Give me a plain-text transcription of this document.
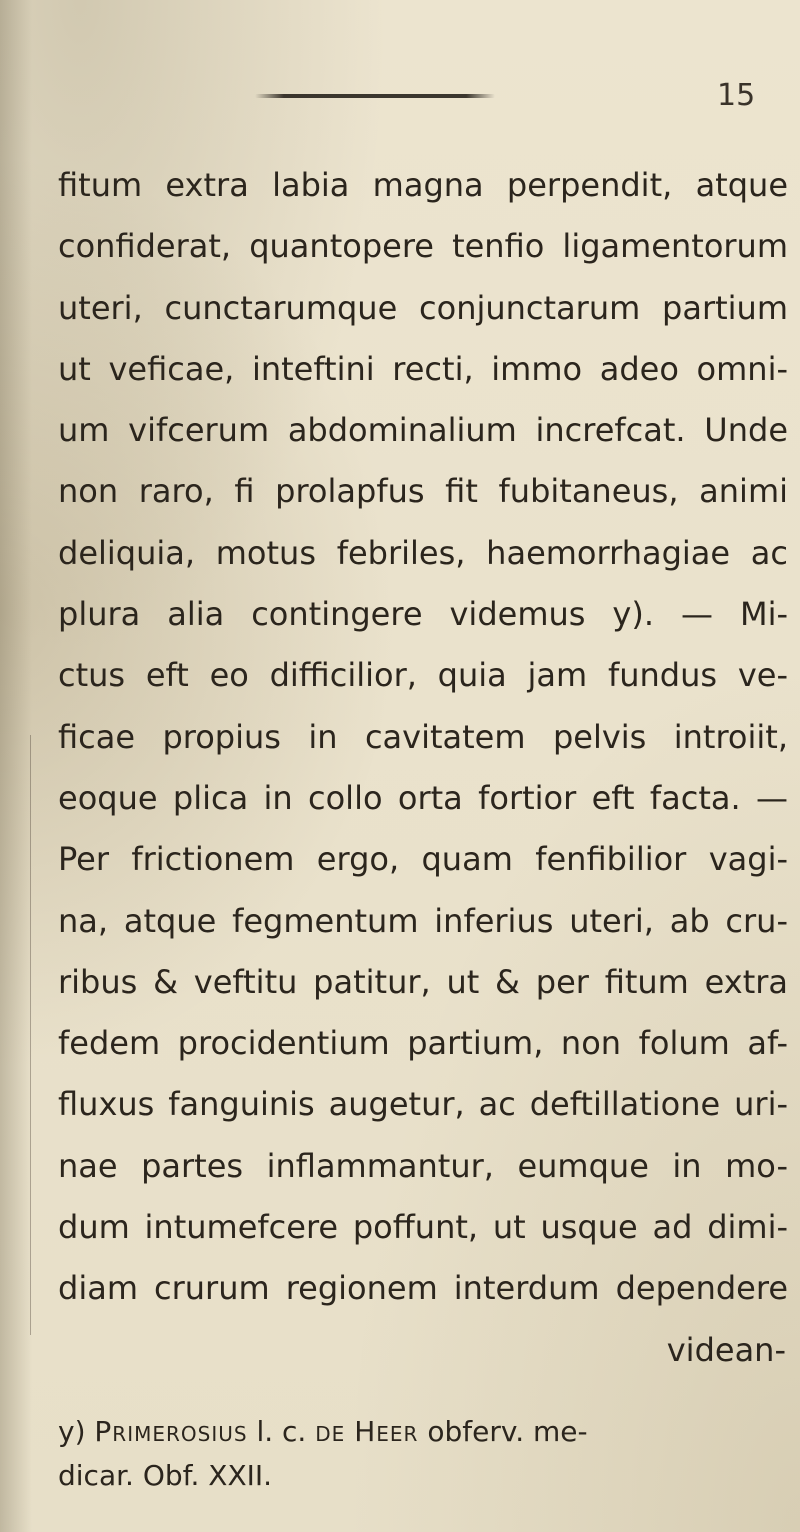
15
fitum extra labia magna perpendit, atque
confiderat, quantopere tenfio ligamentorum
uteri, cunctarumque conjunctarum partium
ut veficae, inteftini recti, immo adeo omni-
um vifcerum abdominalium increfcat. Unde
non raro, fi prolapfus fit fubitaneus, animi
deliquia, motus febriles, haemorrhagiae ac
plura alia contingere videmus y). — Mi-
ctus eft eo difficilior, quia jam fundus ve-
ficae propius in cavitatem pelvis introiit,
eoque plica in collo orta fortior eft facta. —
Per frictionem ergo, quam fenfibilior vagi-
na, atque fegmentum inferius uteri, ab cru-
ribus & veftitu patitur, ut & per fitum extra
fedem procidentium partium, non folum af-
fluxus fanguinis augetur, ac deftillatione uri-
nae partes inflammantur, eumque in mo-
dum intumefcere poffunt, ut usque ad dimi-
diam crurum regionem interdum dependere
videan-
y) Primerosius l. c. de Heer obferv. me-
dicar. Obf. XXII.
